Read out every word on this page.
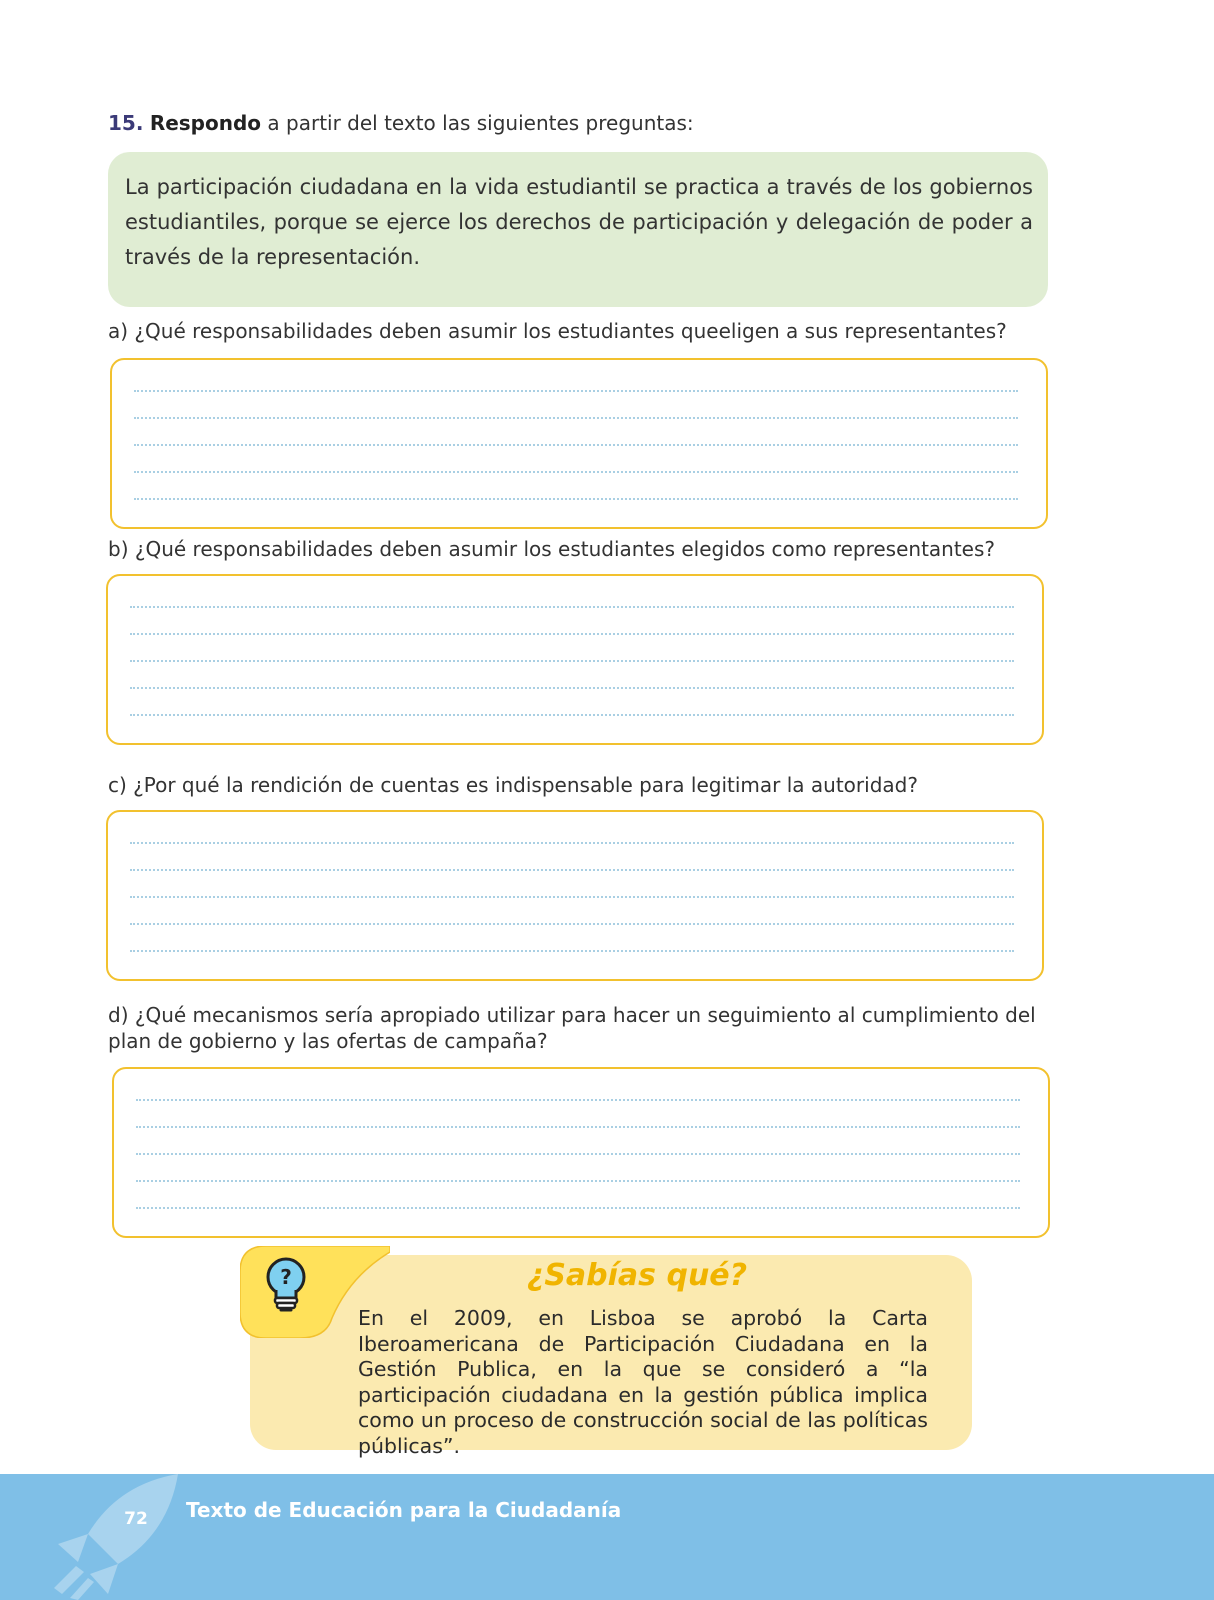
15. Respondo a partir del texto las siguientes preguntas:

La participación ciudadana en la vida estudiantil se practica a través de los gobiernos estudiantiles, porque se ejerce los derechos de participación y delegación de poder a través de la representación.

a) ¿Qué responsabilidades deben asumir los estudiantes queeligen a sus representantes?
b) ¿Qué responsabilidades deben asumir los estudiantes elegidos como representantes?
c) ¿Por qué la rendición de cuentas es indispensable para legitimar la autoridad?
d) ¿Qué mecanismos sería apropiado utilizar para hacer un seguimiento al cumplimiento del plan de gobierno y las ofertas de campaña?
?	¿Sabías qué?

En el 2009, en Lisboa se aprobó la Carta Iberoamericana de Participación Ciudadana en la Gestión Publica, en la que se consideró a “la participación ciudadana en la gestión pública implica como un proceso de construcción social de las políticas públicas”.

72 Texto de Educación para la Ciudadanía
